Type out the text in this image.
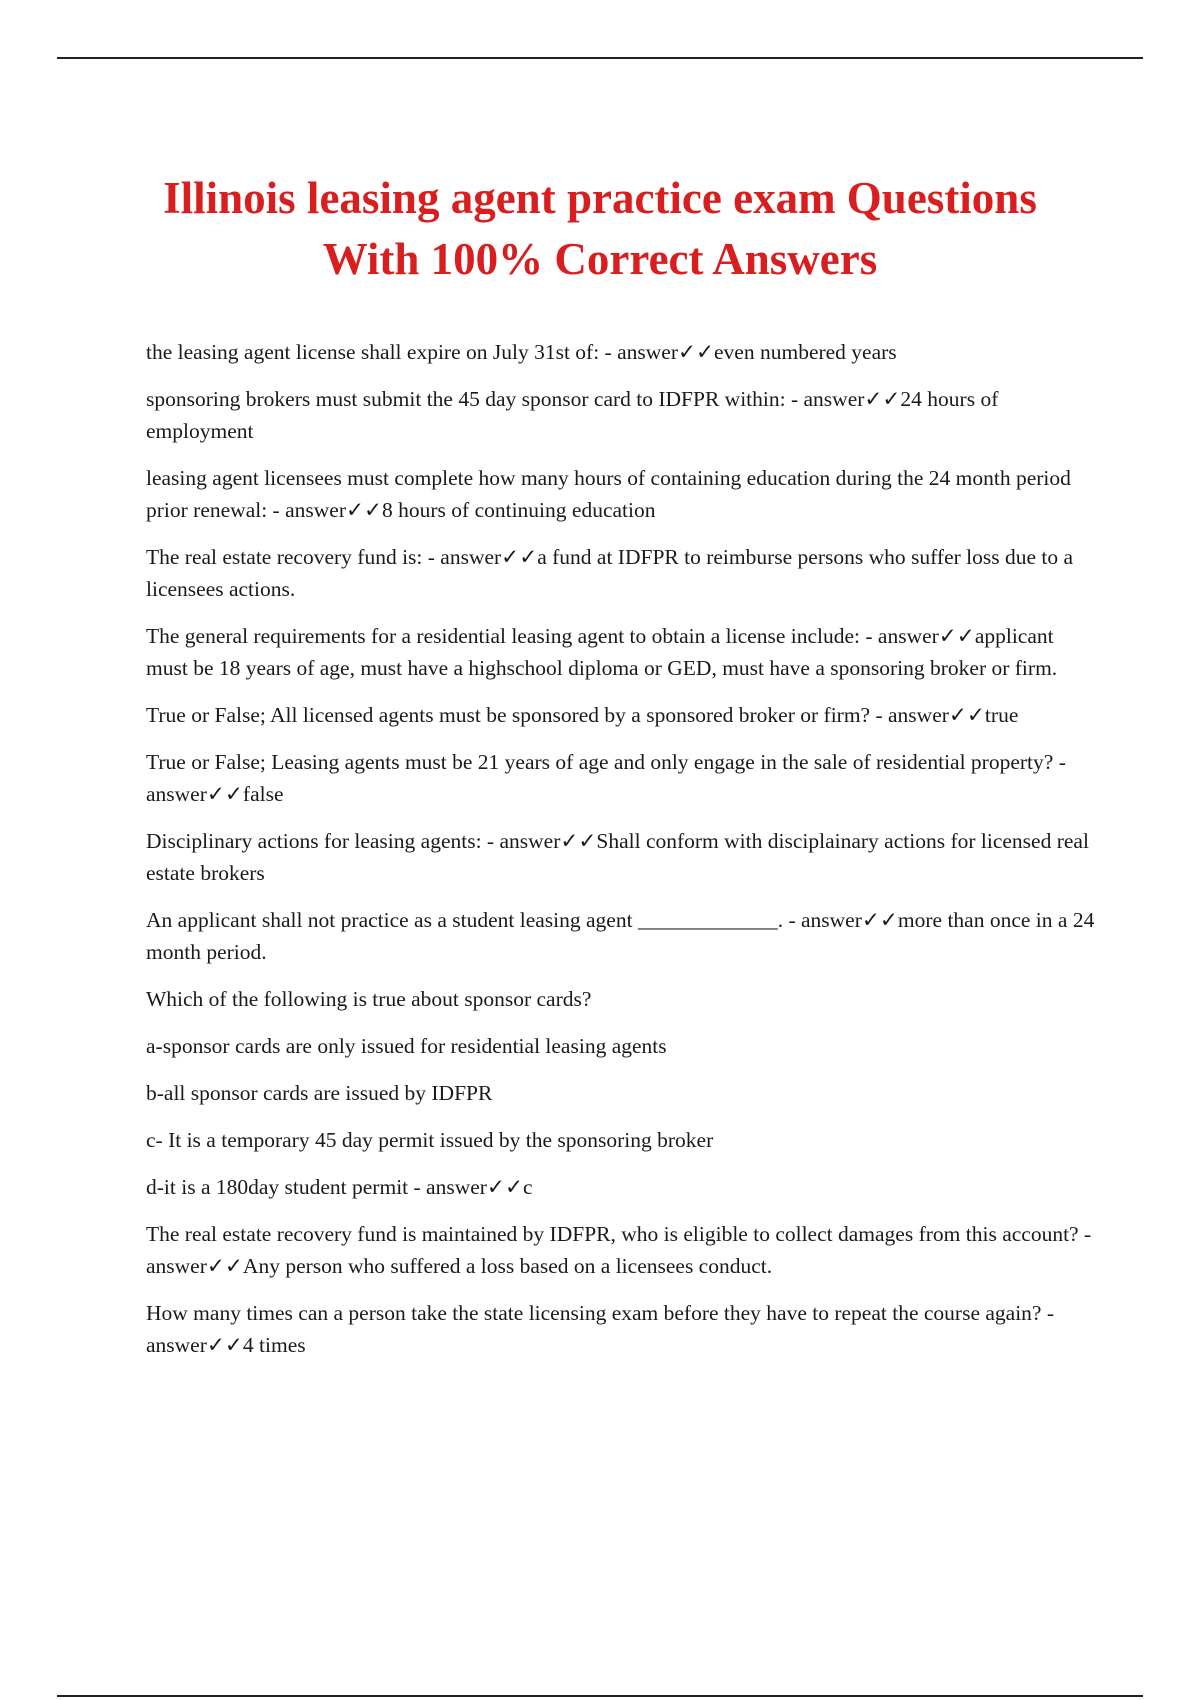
Illinois leasing agent practice exam Questions
With 100% Correct Answers

the leasing agent license shall expire on July 31st of: - answer✓✓even numbered years

sponsoring brokers must submit the 45 day sponsor card to IDFPR within: - answer✓✓24 hours of employment

leasing agent licensees must complete how many hours of containing education during the 24 month period prior renewal: - answer✓✓8 hours of continuing education

The real estate recovery fund is: - answer✓✓a fund at IDFPR to reimburse persons who suffer loss due to a licensees actions.

The general requirements for a residential leasing agent to obtain a license include: - answer✓✓applicant must be 18 years of age, must have a highschool diploma or GED, must have a sponsoring broker or firm.

True or False; All licensed agents must be sponsored by a sponsored broker or firm? - answer✓✓true

True or False; Leasing agents must be 21 years of age and only engage in the sale of residential property? - answer✓✓false

Disciplinary actions for leasing agents: - answer✓✓Shall conform with disciplainary actions for licensed real estate brokers

An applicant shall not practice as a student leasing agent _____________. - answer✓✓more than once in a 24 month period.

Which of the following is true about sponsor cards?

a-sponsor cards are only issued for residential leasing agents

b-all sponsor cards are issued by IDFPR

c- It is a temporary 45 day permit issued by the sponsoring broker

d-it is a 180day student permit - answer✓✓c

The real estate recovery fund is maintained by IDFPR, who is eligible to collect damages from this account? - answer✓✓Any person who suffered a loss based on a licensees conduct.

How many times can a person take the state licensing exam before they have to repeat the course again? - answer✓✓4 times
